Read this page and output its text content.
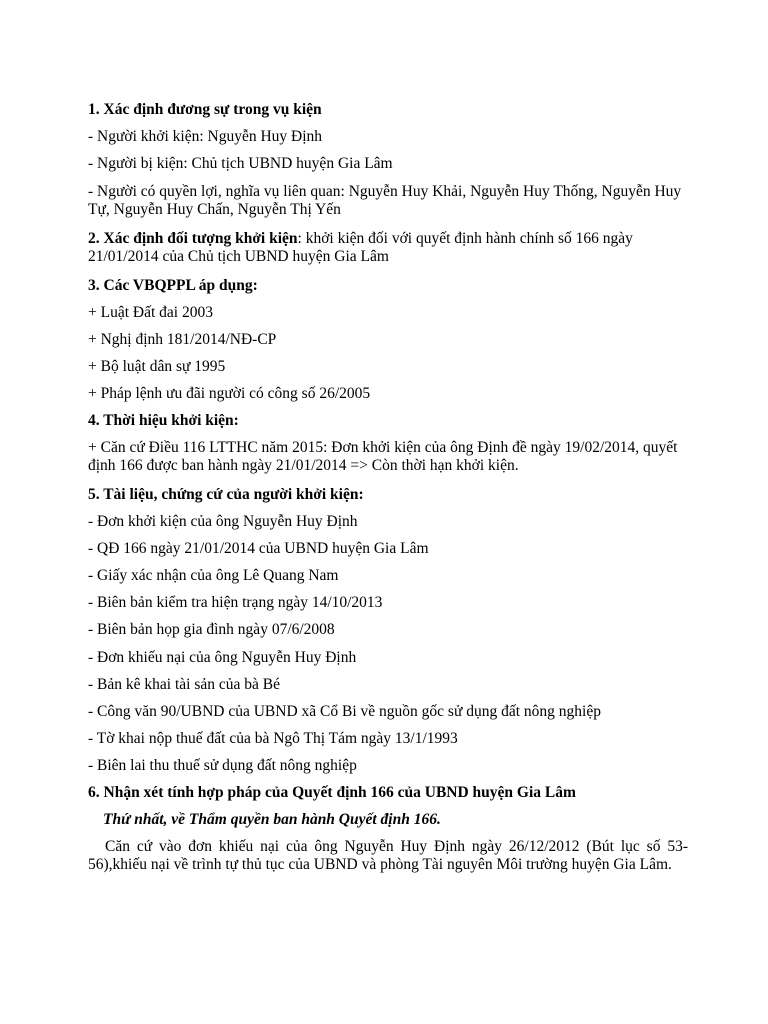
1. Xác định đương sự trong vụ kiện
- Người khởi kiện: Nguyễn Huy Định
- Người bị kiện: Chủ tịch UBND huyện Gia Lâm
- Người có quyền lợi, nghĩa vụ liên quan: Nguyễn Huy Khải, Nguyễn Huy Thống, Nguyễn Huy Tự, Nguyễn Huy Chấn, Nguyễn Thị Yến
2. Xác định đối tượng khởi kiện: khởi kiện đối với quyết định hành chính số 166 ngày 21/01/2014 của Chủ tịch UBND huyện Gia Lâm
3. Các VBQPPL áp dụng:
+ Luật Đất đai 2003
+ Nghị định 181/2014/NĐ-CP
+ Bộ luật dân sự 1995
+ Pháp lệnh ưu đãi người có công số 26/2005
4. Thời hiệu khởi kiện:
+ Căn cứ Điều 116 LTTHC năm 2015: Đơn khởi kiện của ông Định đề ngày 19/02/2014, quyết định 166 được ban hành ngày 21/01/2014 => Còn thời hạn khởi kiện.
5. Tài liệu, chứng cứ của người khởi kiện:
- Đơn khởi kiện của ông Nguyễn Huy Định
- QĐ 166 ngày 21/01/2014 của UBND huyện Gia Lâm
- Giấy xác nhận của ông Lê Quang Nam
- Biên bản kiểm tra hiện trạng ngày 14/10/2013
- Biên bản họp gia đình ngày 07/6/2008
- Đơn khiếu nại của ông Nguyễn Huy Định
- Bản kê khai tài sản của bà Bé
- Công văn 90/UBND của UBND xã Cổ Bi về nguồn gốc sử dụng đất nông nghiệp
- Tờ khai nộp thuế đất của bà Ngô Thị Tám ngày 13/1/1993
- Biên lai thu thuế sử dụng đất nông nghiệp
6. Nhận xét tính hợp pháp của Quyết định 166 của UBND huyện Gia Lâm
Thứ nhất, về Thẩm quyền ban hành Quyết định 166.
Căn cứ vào đơn khiếu nại của ông Nguyễn Huy Định ngày 26/12/2012 (Bút lục số 53-56),khiếu nại về trình tự thủ tục của UBND và phòng Tài nguyên Môi trường huyện Gia Lâm.
